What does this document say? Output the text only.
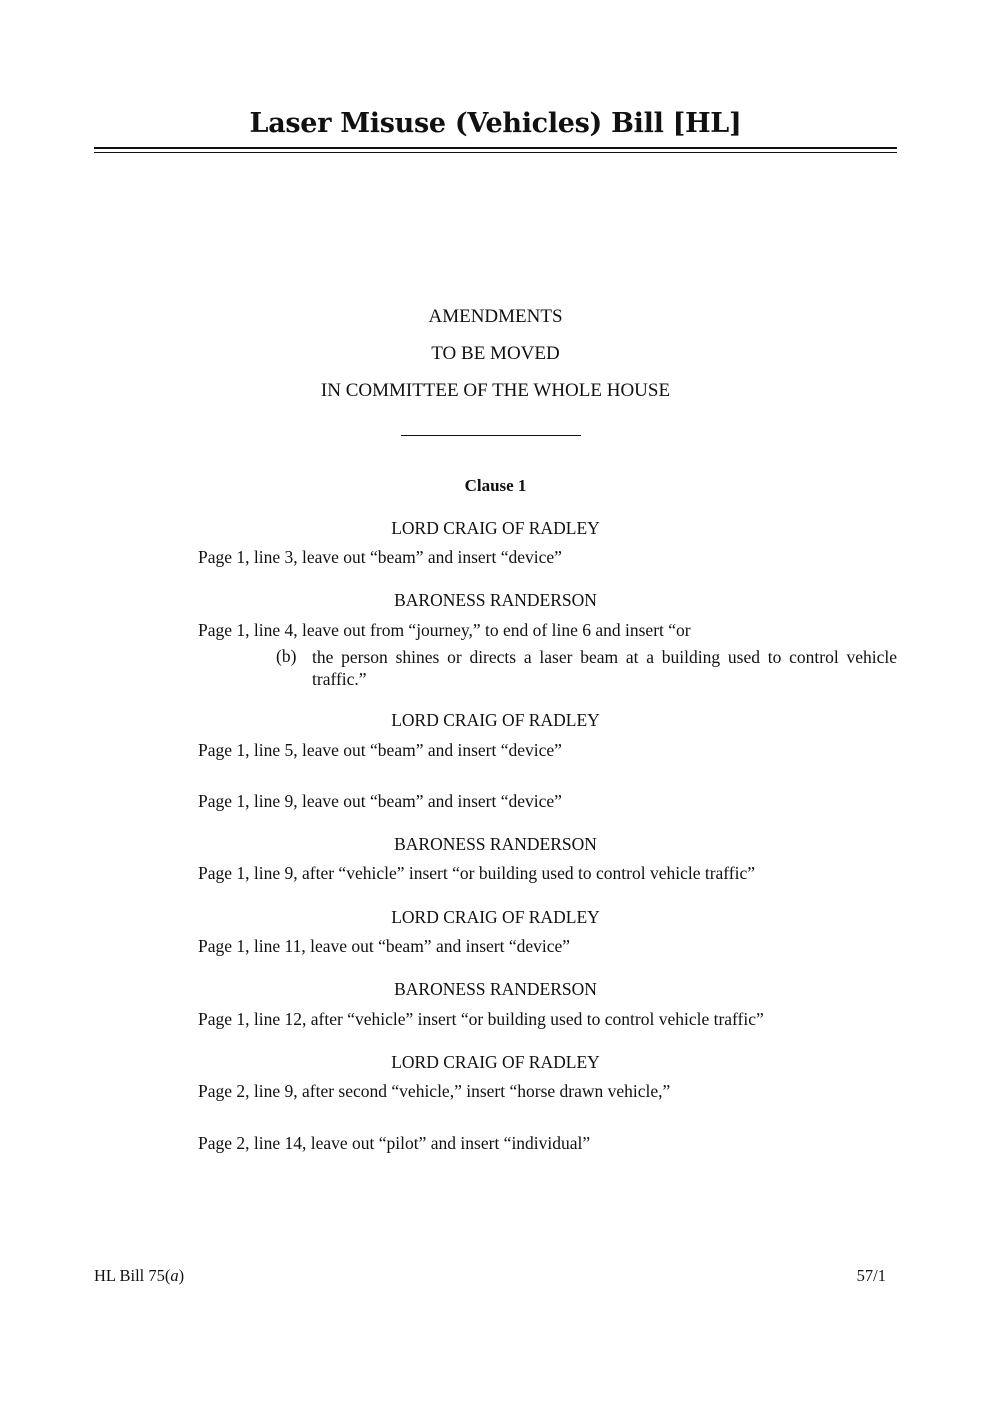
Laser Misuse (Vehicles) Bill [HL]
AMENDMENTS
TO BE MOVED
IN COMMITTEE OF THE WHOLE HOUSE
Clause 1
LORD CRAIG OF RADLEY
Page 1, line 3, leave out “beam” and insert “device”
BARONESS RANDERSON
Page 1, line 4, leave out from “journey,” to end of line 6 and insert “or
(b) the person shines or directs a laser beam at a building used to control vehicle traffic.”
LORD CRAIG OF RADLEY
Page 1, line 5, leave out “beam” and insert “device”
Page 1, line 9, leave out “beam” and insert “device”
BARONESS RANDERSON
Page 1, line 9, after “vehicle” insert “or building used to control vehicle traffic”
LORD CRAIG OF RADLEY
Page 1, line 11, leave out “beam” and insert “device”
BARONESS RANDERSON
Page 1, line 12, after “vehicle” insert “or building used to control vehicle traffic”
LORD CRAIG OF RADLEY
Page 2, line 9, after second “vehicle,” insert “horse drawn vehicle,”
Page 2, line 14, leave out “pilot” and insert “individual”
HL Bill 75(a)	57/1
